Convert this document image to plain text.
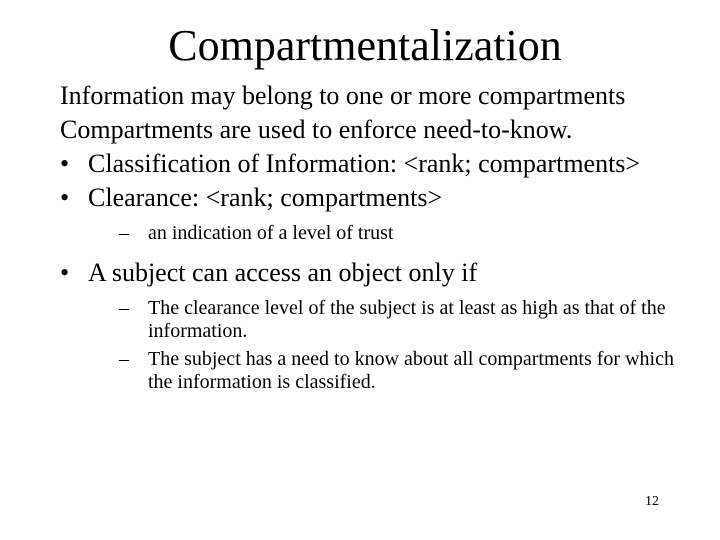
Compartmentalization
Information may belong to one or more compartments
Compartments are used to enforce need-to-know.
• Classification of Information: <rank; compartments>
• Clearance: <rank; compartments>
– an indication of a level of trust
• A subject can access an object only if
– The clearance level of the subject is at least as high as that of the information.
– The subject has a need to know about all compartments for which the information is classified.
12
